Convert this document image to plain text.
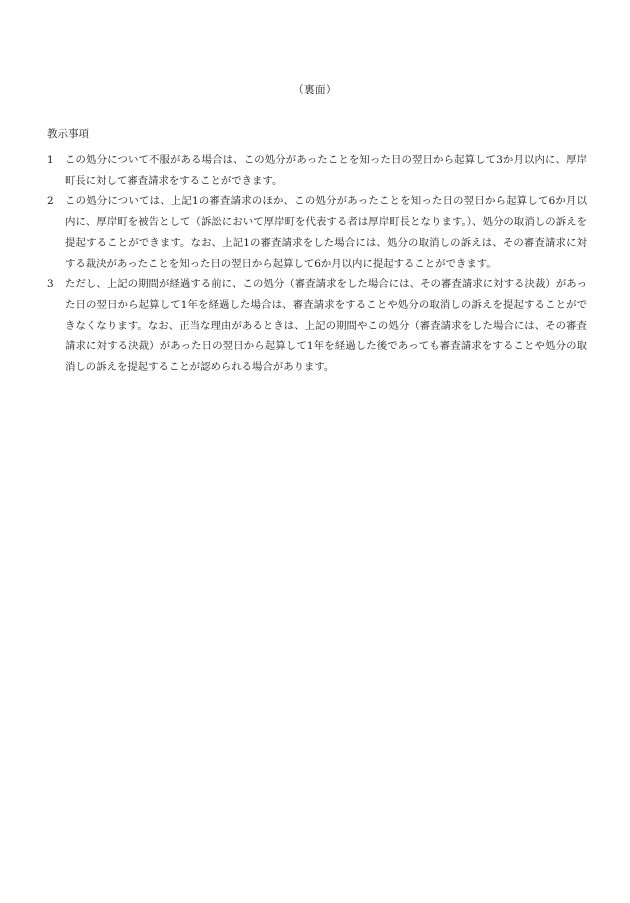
（裏面）
教示事項
1	この処分について不服がある場合は、この処分があったことを知った日の翌日から起算して3か月以内に、厚岸町長に対して審査請求をすることができます。
2	この処分については、上記1の審査請求のほか、この処分があったことを知った日の翌日から起算して6か月以内に、厚岸町を被告として（訴訟において厚岸町を代表する者は厚岸町長となります。）、処分の取消しの訴えを提起することができます。なお、上記1の審査請求をした場合には、処分の取消しの訴えは、その審査請求に対する裁決があったことを知った日の翌日から起算して6か月以内に提起することができます。
3	ただし、上記の期間が経過する前に、この処分（審査請求をした場合には、その審査請求に対する決裁）があった日の翌日から起算して1年を経過した場合は、審査請求をすることや処分の取消しの訴えを提起することができなくなります。なお、正当な理由があるときは、上記の期間やこの処分（審査請求をした場合には、その審査請求に対する決裁）があった日の翌日から起算して1年を経過した後であっても審査請求をすることや処分の取消しの訴えを提起することが認められる場合があります。
